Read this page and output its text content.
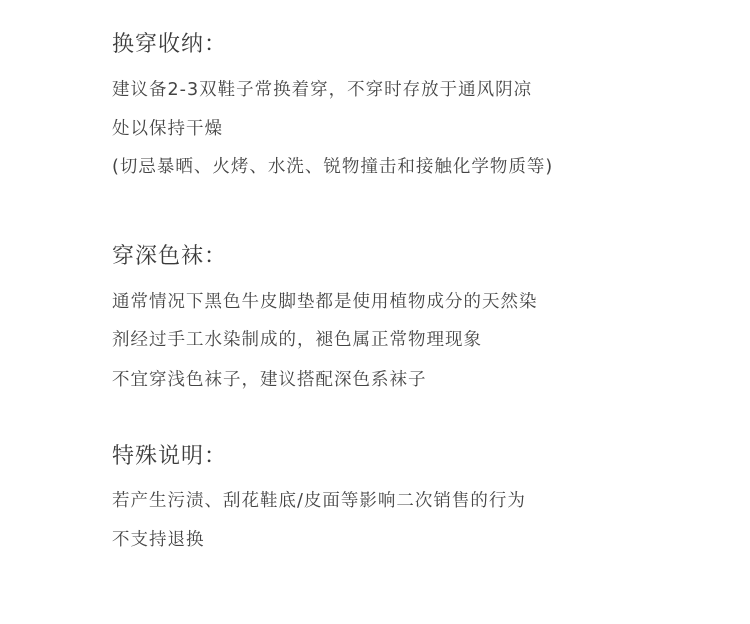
换穿收纳：
建议备2-3双鞋子常换着穿，不穿时存放于通风阴凉
处以保持干燥
(切忌暴晒、火烤、水洗、锐物撞击和接触化学物质等)
穿深色袜：
通常情况下黑色牛皮脚垫都是使用植物成分的天然染
剂经过手工水染制成的，褪色属正常物理现象
不宜穿浅色袜子，建议搭配深色系袜子
特殊说明：
若产生污渍、刮花鞋底/皮面等影响二次销售的行为
不支持退换
